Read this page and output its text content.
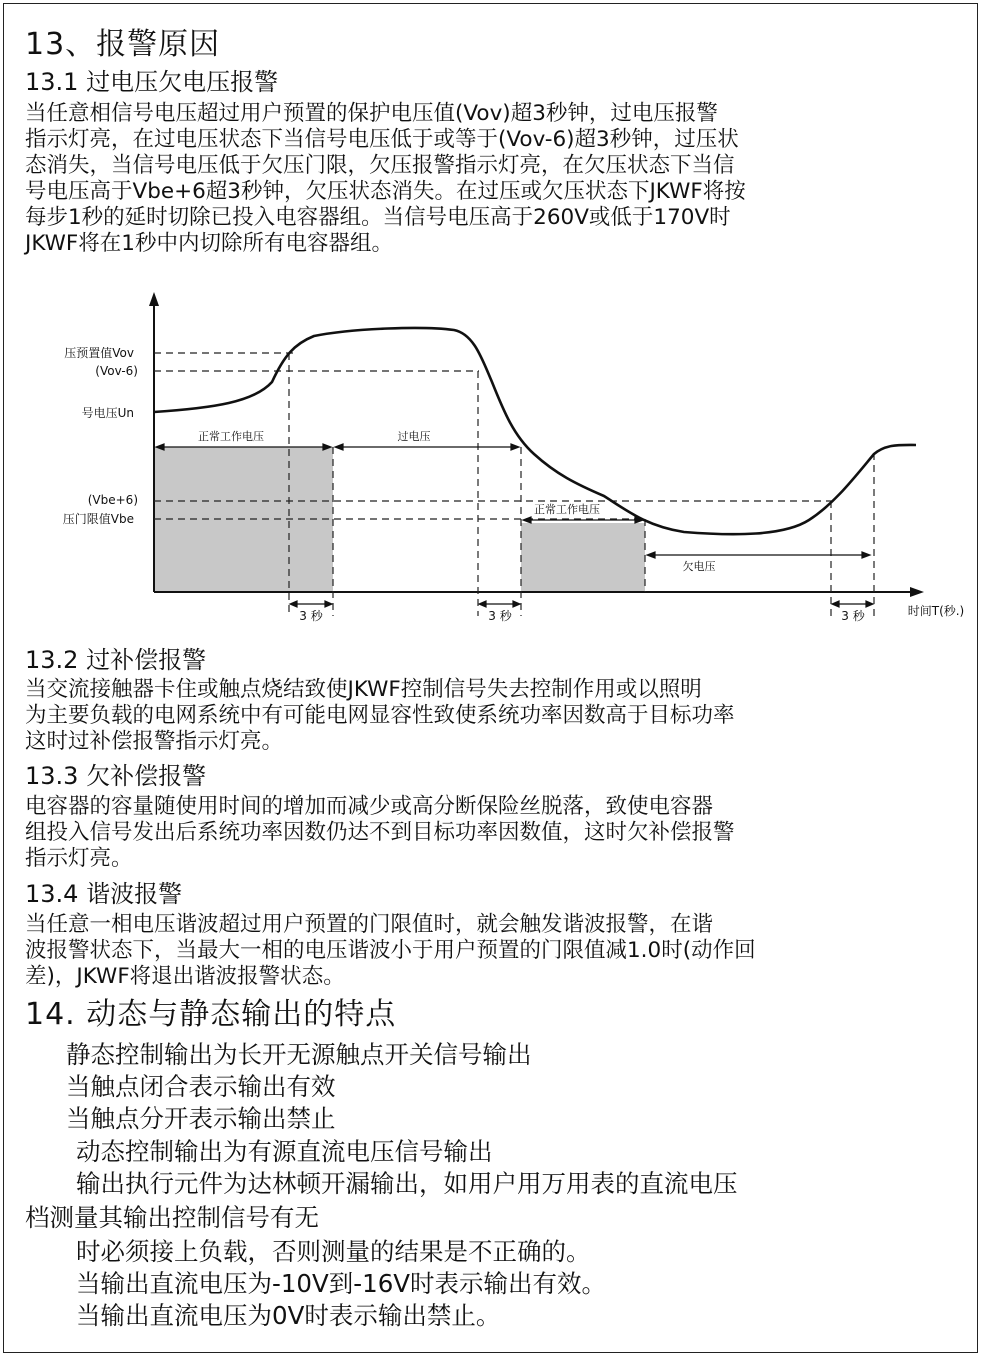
13、报警原因
13.1 过电压欠电压报警
当任意相信号电压超过用户预置的保护电压值(Vov)超3秒钟，过电压报警
指示灯亮，在过电压状态下当信号电压低于或等于(Vov-6)超3秒钟，过压状
态消失，当信号电压低于欠压门限，欠压报警指示灯亮，在欠压状态下当信
号电压高于Vbe+6超3秒钟，欠压状态消失。在过压或欠压状态下JKWF将按
每步1秒的延时切除已投入电容器组。当信号电压高于260V或低于170V时
JKWF将在1秒中内切除所有电容器组。
压预置值Vov
(Vov-6)
号电压Un
(Vbe+6)
压门限值Vbe
正常工作电压	过电压
正常工作电压
欠电压
3 秒	3 秒	3 秒	时间T(秒.)
13.2 过补偿报警
当交流接触器卡住或触点烧结致使JKWF控制信号失去控制作用或以照明
为主要负载的电网系统中有可能电网显容性致使系统功率因数高于目标功率
这时过补偿报警指示灯亮。
13.3 欠补偿报警
电容器的容量随使用时间的增加而减少或高分断保险丝脱落，致使电容器
组投入信号发出后系统功率因数仍达不到目标功率因数值，这时欠补偿报警
指示灯亮。
13.4 谐波报警
当任意一相电压谐波超过用户预置的门限值时，就会触发谐波报警，在谐
波报警状态下，当最大一相的电压谐波小于用户预置的门限值减1.0时(动作回
差)，JKWF将退出谐波报警状态。
14. 动态与静态输出的特点
静态控制输出为长开无源触点开关信号输出
当触点闭合表示输出有效
当触点分开表示输出禁止
动态控制输出为有源直流电压信号输出
输出执行元件为达林顿开漏输出，如用户用万用表的直流电压
档测量其输出控制信号有无
时必须接上负载，否则测量的结果是不正确的。
当输出直流电压为-10V到-16V时表示输出有效。
当输出直流电压为0V时表示输出禁止。
